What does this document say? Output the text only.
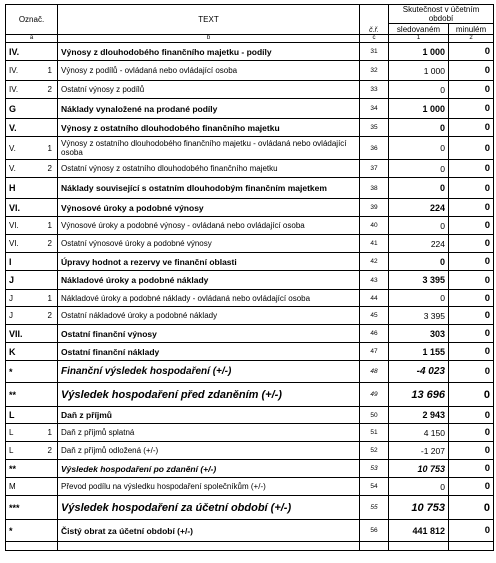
Označ.	TEXT	č.ř.	Skutečnost v účetním období	
			sledovaném	minulém
a	b	c	1	2
IV.	Výnosy z dlouhodobého finančního majetku - podíly	31	1 000	0
IV. 1	Výnosy z podílů - ovládaná nebo ovládající osoba	32	1 000	0
IV. 2	Ostatní výnosy z podílů	33	0	0
G	Náklady vynaložené na prodané podíly	34	1 000	0
V.	Výnosy z ostatního dlouhodobého finančního majetku	35	0	0
V. 1	Výnosy z ostatního dlouhodobého finančního majetku - ovládaná nebo ovládající osoba	36	0	0
V. 2	Ostatní výnosy z ostatního dlouhodobého finančního majetku	37	0	0
H	Náklady související s ostatním dlouhodobým finančním majetkem	38	0	0
VI.	Výnosové úroky a podobné výnosy	39	224	0
VI. 1	Výnosové úroky a podobné výnosy - ovládaná nebo ovládající osoba	40	0	0
VI. 2	Ostatní výnosové úroky a podobné výnosy	41	224	0
I	Úpravy hodnot a rezervy ve finanční oblasti	42	0	0
J	Nákladové úroky a podobné náklady	43	3 395	0
J 1	Nákladové úroky a podobné náklady - ovládaná nebo ovládající osoba	44	0	0
J 2	Ostatní nákladové úroky a podobné náklady	45	3 395	0
VII.	Ostatní finanční výnosy	46	303	0
K	Ostatní finanční náklady	47	1 155	0
*	Finanční výsledek hospodaření (+/-)	48	-4 023	0
**	Výsledek hospodaření před zdaněním (+/-)	49	13 696	0
L	Daň z příjmů	50	2 943	0
L 1	Daň z příjmů splatná	51	4 150	0
L 2	Daň z příjmů odložená (+/-)	52	-1 207	0
**	Výsledek hospodaření po zdanění (+/-)	53	10 753	0
M	Převod podílu na výsledku hospodaření společníkům (+/-)	54	0	0
***	Výsledek hospodaření za účetní období (+/-)	55	10 753	0
*	Čistý obrat za účetní období (+/-)	56	441 812	0
